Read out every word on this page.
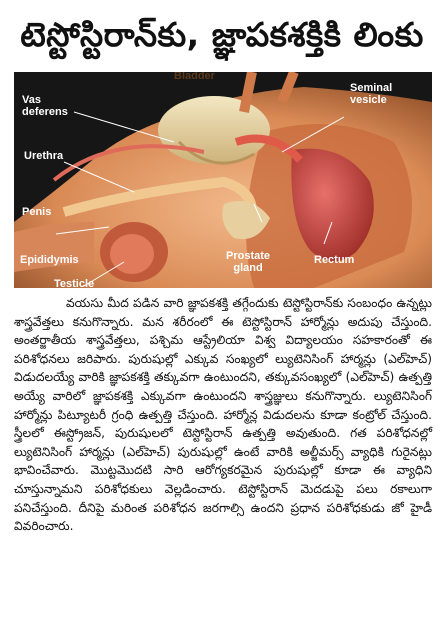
టెస్టోస్టిరాన్‌కు, జ్ఞాపకశక్తికి లింకు
Bladder
Seminal
vesicle
Vas
deferens
Urethra
Penis
Epididymis
Testicle
Prostate
gland
Rectum

వయసు మీద పడిన వారి జ్ఞాపకశక్తి తగ్గేందుకు టెస్టోస్టిరాన్‌కు సంబంధం ఉన్నట్లు శాస్త్రవేత్తలు కనుగొన్నారు. మన శరీరంలో ఈ టెస్టోస్టిరాన్ హార్మోన్లు అదుపు చేస్తుంది. అంతర్జాతీయ శాస్త్రవేత్తలు, పశ్చిమ ఆస్ట్రేలియా విశ్వ విద్యాలయం సహకారంతో ఈ పరిశోధనలు జరిపారు. పురుషుల్లో ఎక్కువ సంఖ్యలో ల్యుటెనిసింగ్ హార్మన్లు (ఎల్‌హెచ్) విడుదలయ్యే వారికి జ్ఞాపకశక్తి తక్కువగా ఉంటుందని, తక్కువసంఖ్యలో (ఎల్‌హెచ్) ఉత్పత్తి అయ్యే వారిలో జ్ఞాపకశక్తి ఎక్కువగా ఉంటుందని శాస్త్రజ్ఞులు కనుగొన్నారు. ల్యుటెనిసింగ్ హార్మోన్లు పిట్యూటరీ గ్రంధి ఉత్పత్తి చేస్తుంది. హార్మోన్ల విడుదలను కూడా కంట్రోల్ చేస్తుంది. స్త్రీలలో ఈస్ట్రోజన్, పురుషులలో టెస్టోస్టిరాన్ ఉత్పత్తి అవుతుంది. గత పరిశోధనల్లో ల్యుటెనిసింగ్ హార్మన్లు (ఎల్‌హెచ్) పురుషుల్లో ఉంటే వారికి అల్జీమర్స్ వ్యాధికి గురైనట్లు భావించేవారు. మొట్టమొదటి సారి ఆరోగ్యకరమైన పురుషుల్లో కూడా ఈ వ్యాధిని చూస్తున్నామని పరిశోధకులు వెల్లడించారు. టెస్టోస్టిరాన్ మెదడుపై పలు రకాలుగా పనిచేస్తుంది. దీనిపై మరింత పరిశోధన జరగాల్సి ఉందని ప్రధాన పరిశోధకుడు జో హైడీ వివరించారు.
